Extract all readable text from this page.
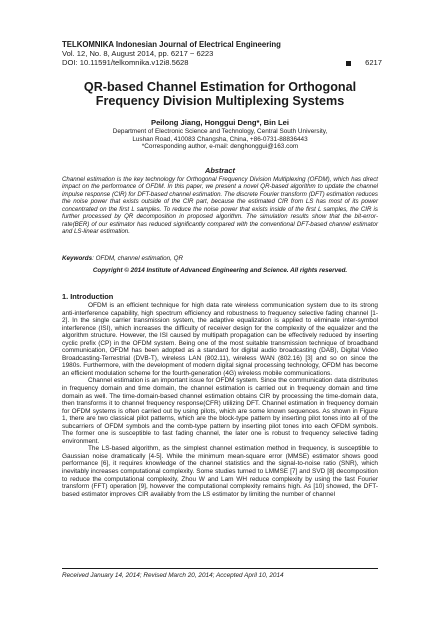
TELKOMNIKA Indonesian Journal of Electrical Engineering
Vol. 12, No. 8, August 2014, pp. 6217 ~ 6223
DOI: 10.11591/telkomnika.v12i8.5628	6217
QR-based Channel Estimation for Orthogonal Frequency Division Multiplexing Systems
Peilong Jiang, Honggui Deng*, Bin Lei
Department of Electronic Science and Technology, Central South University,
Lushan Road, 410083 Changsha, China, +86-0731-88836443
*Corresponding author, e-mail: denghonggui@163.com
Abstract

Channel estimation is the key technology for Orthogonal Frequency Division Multiplexing (OFDM), which has direct impact on the performance of OFDM. In this paper, we present a novel QR-based algorithm to update the channel impulse response (CIR) for DFT-based channel estimation. The discrete Fourier transform (DFT) estimation reduces the noise power that exists outside of the CIR part, because the estimated CIR from LS has most of its power concentrated on the first L samples. To reduce the noise power that exists inside of the first L samples, the CIR is further processed by QR decomposition in proposed algorithm. The simulation results show that the bit-error-rate(BER) of our estimator has reduced significantly compared with the conventional DFT-based channel estimator and LS-linear estimation.

Keywords: OFDM, channel estimation, QR
Copyright © 2014 Institute of Advanced Engineering and Science. All rights reserved.
1. Introduction

OFDM is an efficient technique for high data rate wireless communication system due to its strong anti-interference capability, high spectrum efficiency and robustness to frequency selective fading channel [1-2]. In the single carrier transmission system, the adaptive equalization is applied to eliminate inter-symbol interference (ISI), which increases the difficulty of receiver design for the complexity of the equalizer and the algorithm structure. However, the ISI caused by multipath propagation can be effectively reduced by inserting cyclic prefix (CP) in the OFDM system. Being one of the most suitable transmission technique of broadband communication, OFDM has been adopted as a standard for digital audio broadcasting (DAB), Digital Video Broadcasting-Terrestrial (DVB-T), wireless LAN (802.11), wireless WAN (802.16) [3] and so on since the 1980s. Furthermore, with the development of modern digital signal processing technology, OFDM has become an efficient modulation scheme for the fourth-generation (4G) wireless mobile communications.

Channel estimation is an important issue for OFDM system. Since the communication data distributes in frequency domain and time domain, the channel estimation is carried out in frequency domain and time domain as well. The time-domain-based channel estimation obtains CIR by processing the time-domain data, then transforms it to channel frequency response(CFR) utilizing DFT. Channel estimation in frequency domain for OFDM systems is often carried out by using pilots, which are some known sequences. As shown in Figure 1, there are two classical pilot patterns, which are the block-type pattern by inserting pilot tones into all of the subcarriers of OFDM symbols and the comb-type pattern by inserting pilot tones into each OFDM symbols. The former one is susceptible to fast fading channel, the later one is robust to frequency selective fading environment.

The LS-based algorithm, as the simplest channel estimation method in frequency, is susceptible to Gaussian noise dramatically [4-5]. While the minimum mean-square error (MMSE) estimator shows good performance [6], it requires knowledge of the channel statistics and the signal-to-noise ratio (SNR), which inevitably increases computational complexity. Some studies turned to LMMSE [7] and SVD [8] decomposition to reduce the computational complexity, Zhou W and Lam WH reduce complexity by using the fast Fourier transform (FFT) operation [9], however the computational complexity remains high. As [10] showed, the DFT-based estimator improves CIR availably from the LS estimator by limiting the number of channel

Received January 14, 2014; Revised March 20, 2014; Accepted April 10, 2014
